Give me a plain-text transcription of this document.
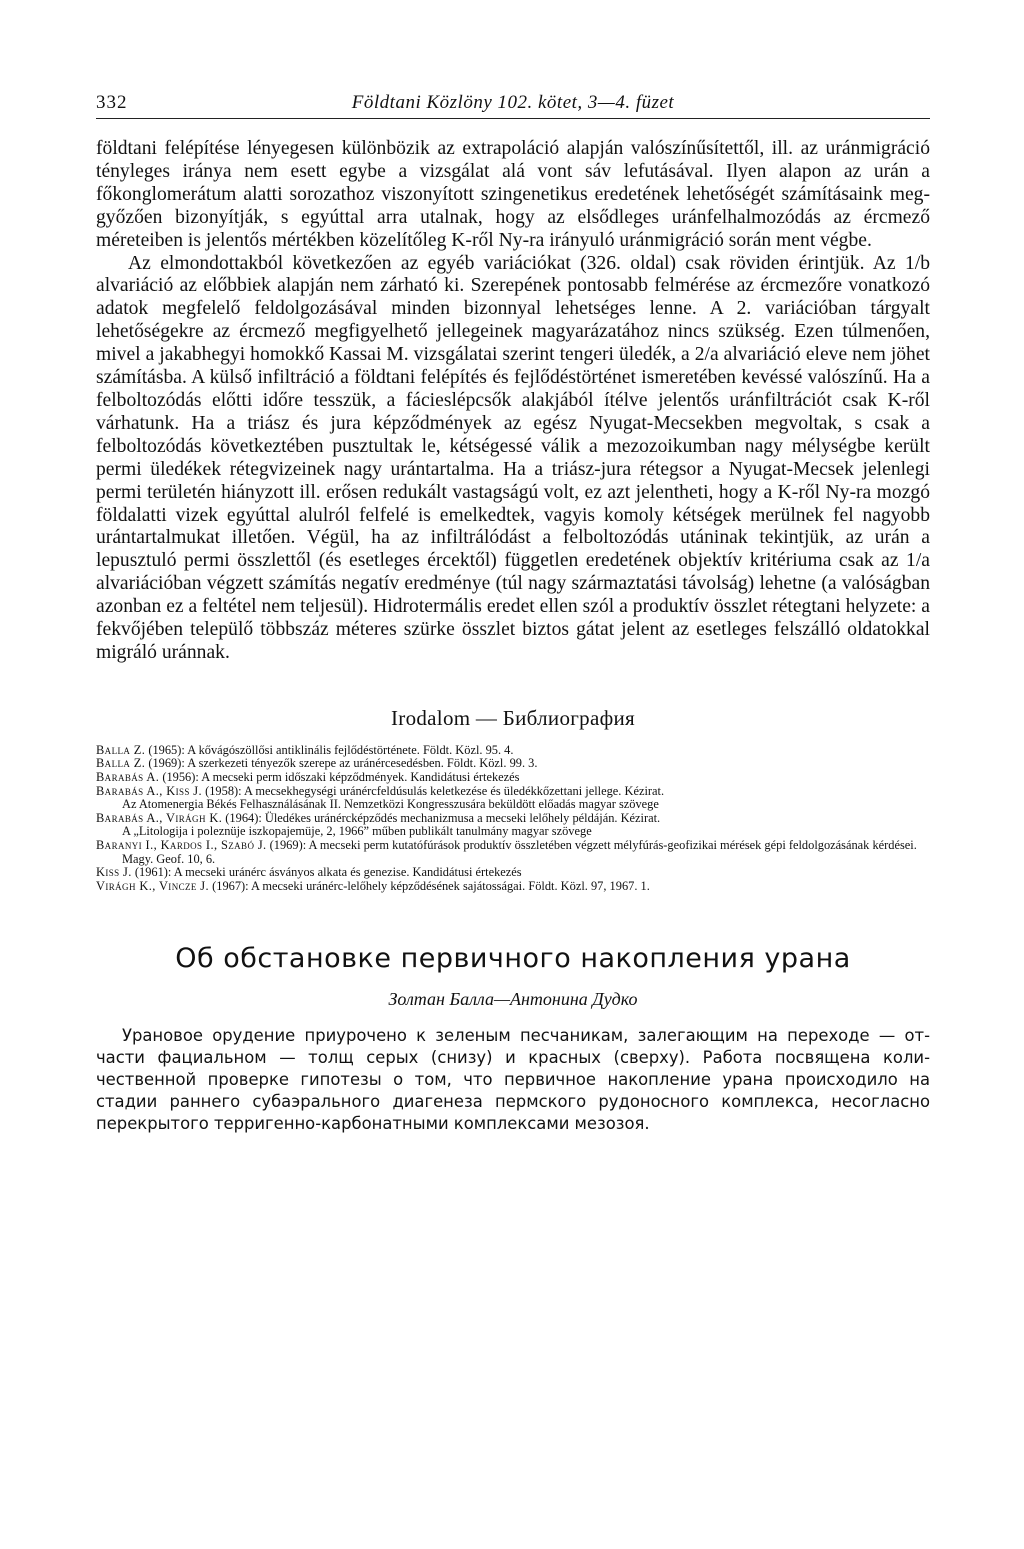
332	Földtani Közlöny 102. kötet, 3—4. füzet

földtani felépítése lényegesen különbözik az extrapoláció alapján valószínűsítettől, ill. az uránmigráció tényleges iránya nem esett egybe a vizsgálat alá vont sáv lefutásával. Ilyen alapon az urán a főkonglomerátum alatti sorozathoz viszonyított szingenetikus eredetének lehetőségét számításaink meggyőzően bizonyítják, s egyúttal arra utalnak, hogy az elsődleges uránfelhalmozódás az ércmező méreteiben is jelentős mértékben közelítőleg K-ről Ny-ra irányuló uránmigráció során ment végbe.

Az elmondottakból következően az egyéb variációkat (326. oldal) csak röviden érintjük. Az 1/b alvariáció az előbbiek alapján nem zárható ki. Szerepének pontosabb felmérése az ércmezőre vonatkozó adatok megfelelő feldolgozásával minden bizonnyal lehetséges lenne. A 2. variációban tárgyalt lehetőségekre az ércmező megfigyelhető jellegeinek magyarázatához nincs szükség. Ezen túlmenően, mivel a jakabhegyi homokkő Kassai M. vizsgálatai szerint tengeri üledék, a 2/a alvariáció eleve nem jöhet számításba. A külső infiltráció a földtani felépítés és fejlődéstörténet ismeretében kevéssé valószínű. Ha a felboltozódás előtti időre tesszük, a fácieslépcsők alakjából ítélve jelentős uránfiltrációt csak K-ről várhatunk. Ha a triász és jura képződmények az egész Nyugat-Mecsekben megvoltak, s csak a felboltozódás következtében pusztultak le, kétségessé válik a mezozoikumban nagy mélységbe került permi üledékek rétegvizeinek nagy urántartalma. Ha a triász-jura rétegsor a Nyugat-Mecsek jelenlegi permi területén hiányzott ill. erősen redukált vastagságú volt, ez azt jelentheti, hogy a K-ről Ny-ra mozgó földalatti vizek egyúttal alulról felfelé is emelkedtek, vagyis komoly kétségek merülnek fel nagyobb urántartalmukat illetően. Végül, ha az infiltrálódást a felboltozódás utáninak tekintjük, az urán a lepusztuló permi összlettől (és esetleges ércektől) független eredetének objektív kritériuma csak az 1/a alvariációban végzett számítás negatív eredménye (túl nagy származtatási távolság) lehetne (a valóságban azonban ez a feltétel nem teljesül). Hidrotermális eredet ellen szól a produktív összlet rétegtani helyzete: a fekvőjében települő többszáz méteres szürke összlet biztos gátat jelent az esetleges felszálló oldatokkal migráló uránnak.

Irodalom — Библиография
Balla Z. (1965): A kővágószöllősi antiklinális fejlődéstörténete. Földt. Közl. 95. 4.
Balla Z. (1969): A szerkezeti tényezők szerepe az uránércesedésben. Földt. Közl. 99. 3.
Barabás A. (1956): A mecseki perm időszaki képződmények. Kandidátusi értekezés
Barabás A., Kiss J. (1958): A mecsekhegységi uránércfeldúsulás keletkezése és üledékkőzettani jellege. Kézirat.
Az Atomenergia Békés Felhasználásának II. Nemzetközi Kongresszusára beküldött előadás magyar szövege
Barabás A., Virágh K. (1964): Üledékes uránércképződés mechanizmusa a mecseki lelőhely példáján. Kézirat.
A „Litologija i poleznüje iszkopajemüje, 2, 1966” műben publikált tanulmány magyar szövege
Baranyi I., Kardos I., Szabó J. (1969): A mecseki perm kutatófúrások produktív összletében végzett mélyfúrás-geofizikai mérések gépi feldolgozásának kérdései. Magy. Geof. 10, 6.
Kiss J. (1961): A mecseki uránérc ásványos alkata és genezise. Kandidátusi értekezés
Virágh K., Vincze J. (1967): A mecseki uránérc-lelőhely képződésének sajátosságai. Földt. Közl. 97, 1967. 1.
Об обстановке первичного накопления урана
Золтан Балла—Антонина Дудко
Урановое орудение приурочено к зеленым песчаникам, залегающим на переходе — отчасти фациальном — толщ серых (снизу) и красных (сверху). Работа посвящена количественной проверке гипотезы о том, что первичное накопление урана происходило на стадии раннего субаэрального диагенеза пермского рудоносного комплекса, несогласно перекрытого терригенно-карбонатными комплексами мезозоя.
